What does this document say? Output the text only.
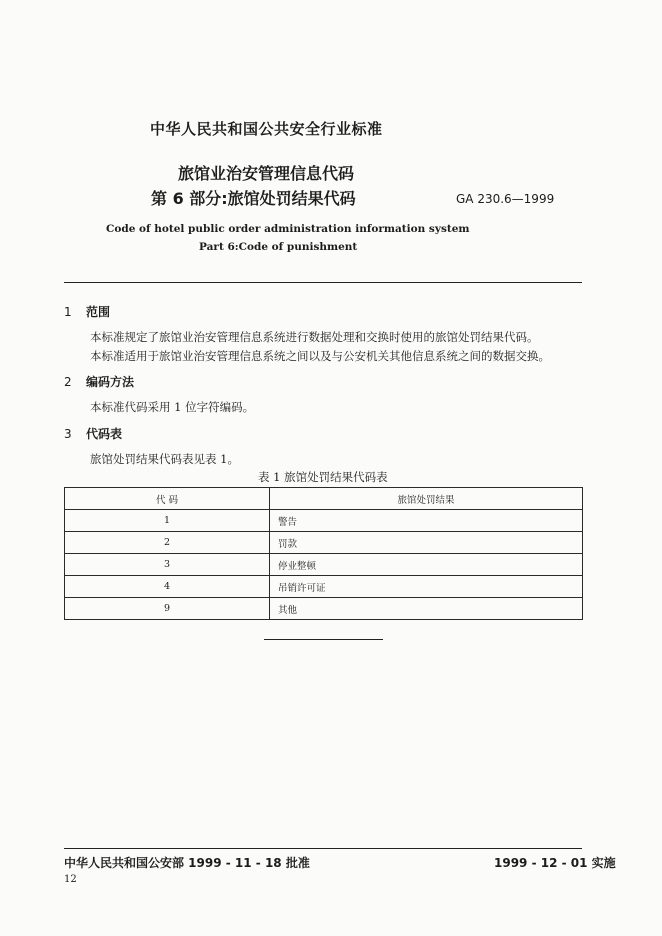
中华人民共和国公共安全行业标准
旅馆业治安管理信息代码
第 6 部分:旅馆处罚结果代码	GA 230.6—1999
Code of hotel public order administration information system
Part 6:Code of punishment
1 范围
本标准规定了旅馆业治安管理信息系统进行数据处理和交换时使用的旅馆处罚结果代码。
本标准适用于旅馆业治安管理信息系统之间以及与公安机关其他信息系统之间的数据交换。
2 编码方法
本标准代码采用 1 位字符编码。
3 代码表
旅馆处罚结果代码表见表 1。
表 1 旅馆处罚结果代码表
代 码	旅馆处罚结果
1	警告
2	罚款
3	停业整顿
4	吊销许可证
9	其他
中华人民共和国公安部 1999 - 11 - 18 批准	1999 - 12 - 01 实施
12
